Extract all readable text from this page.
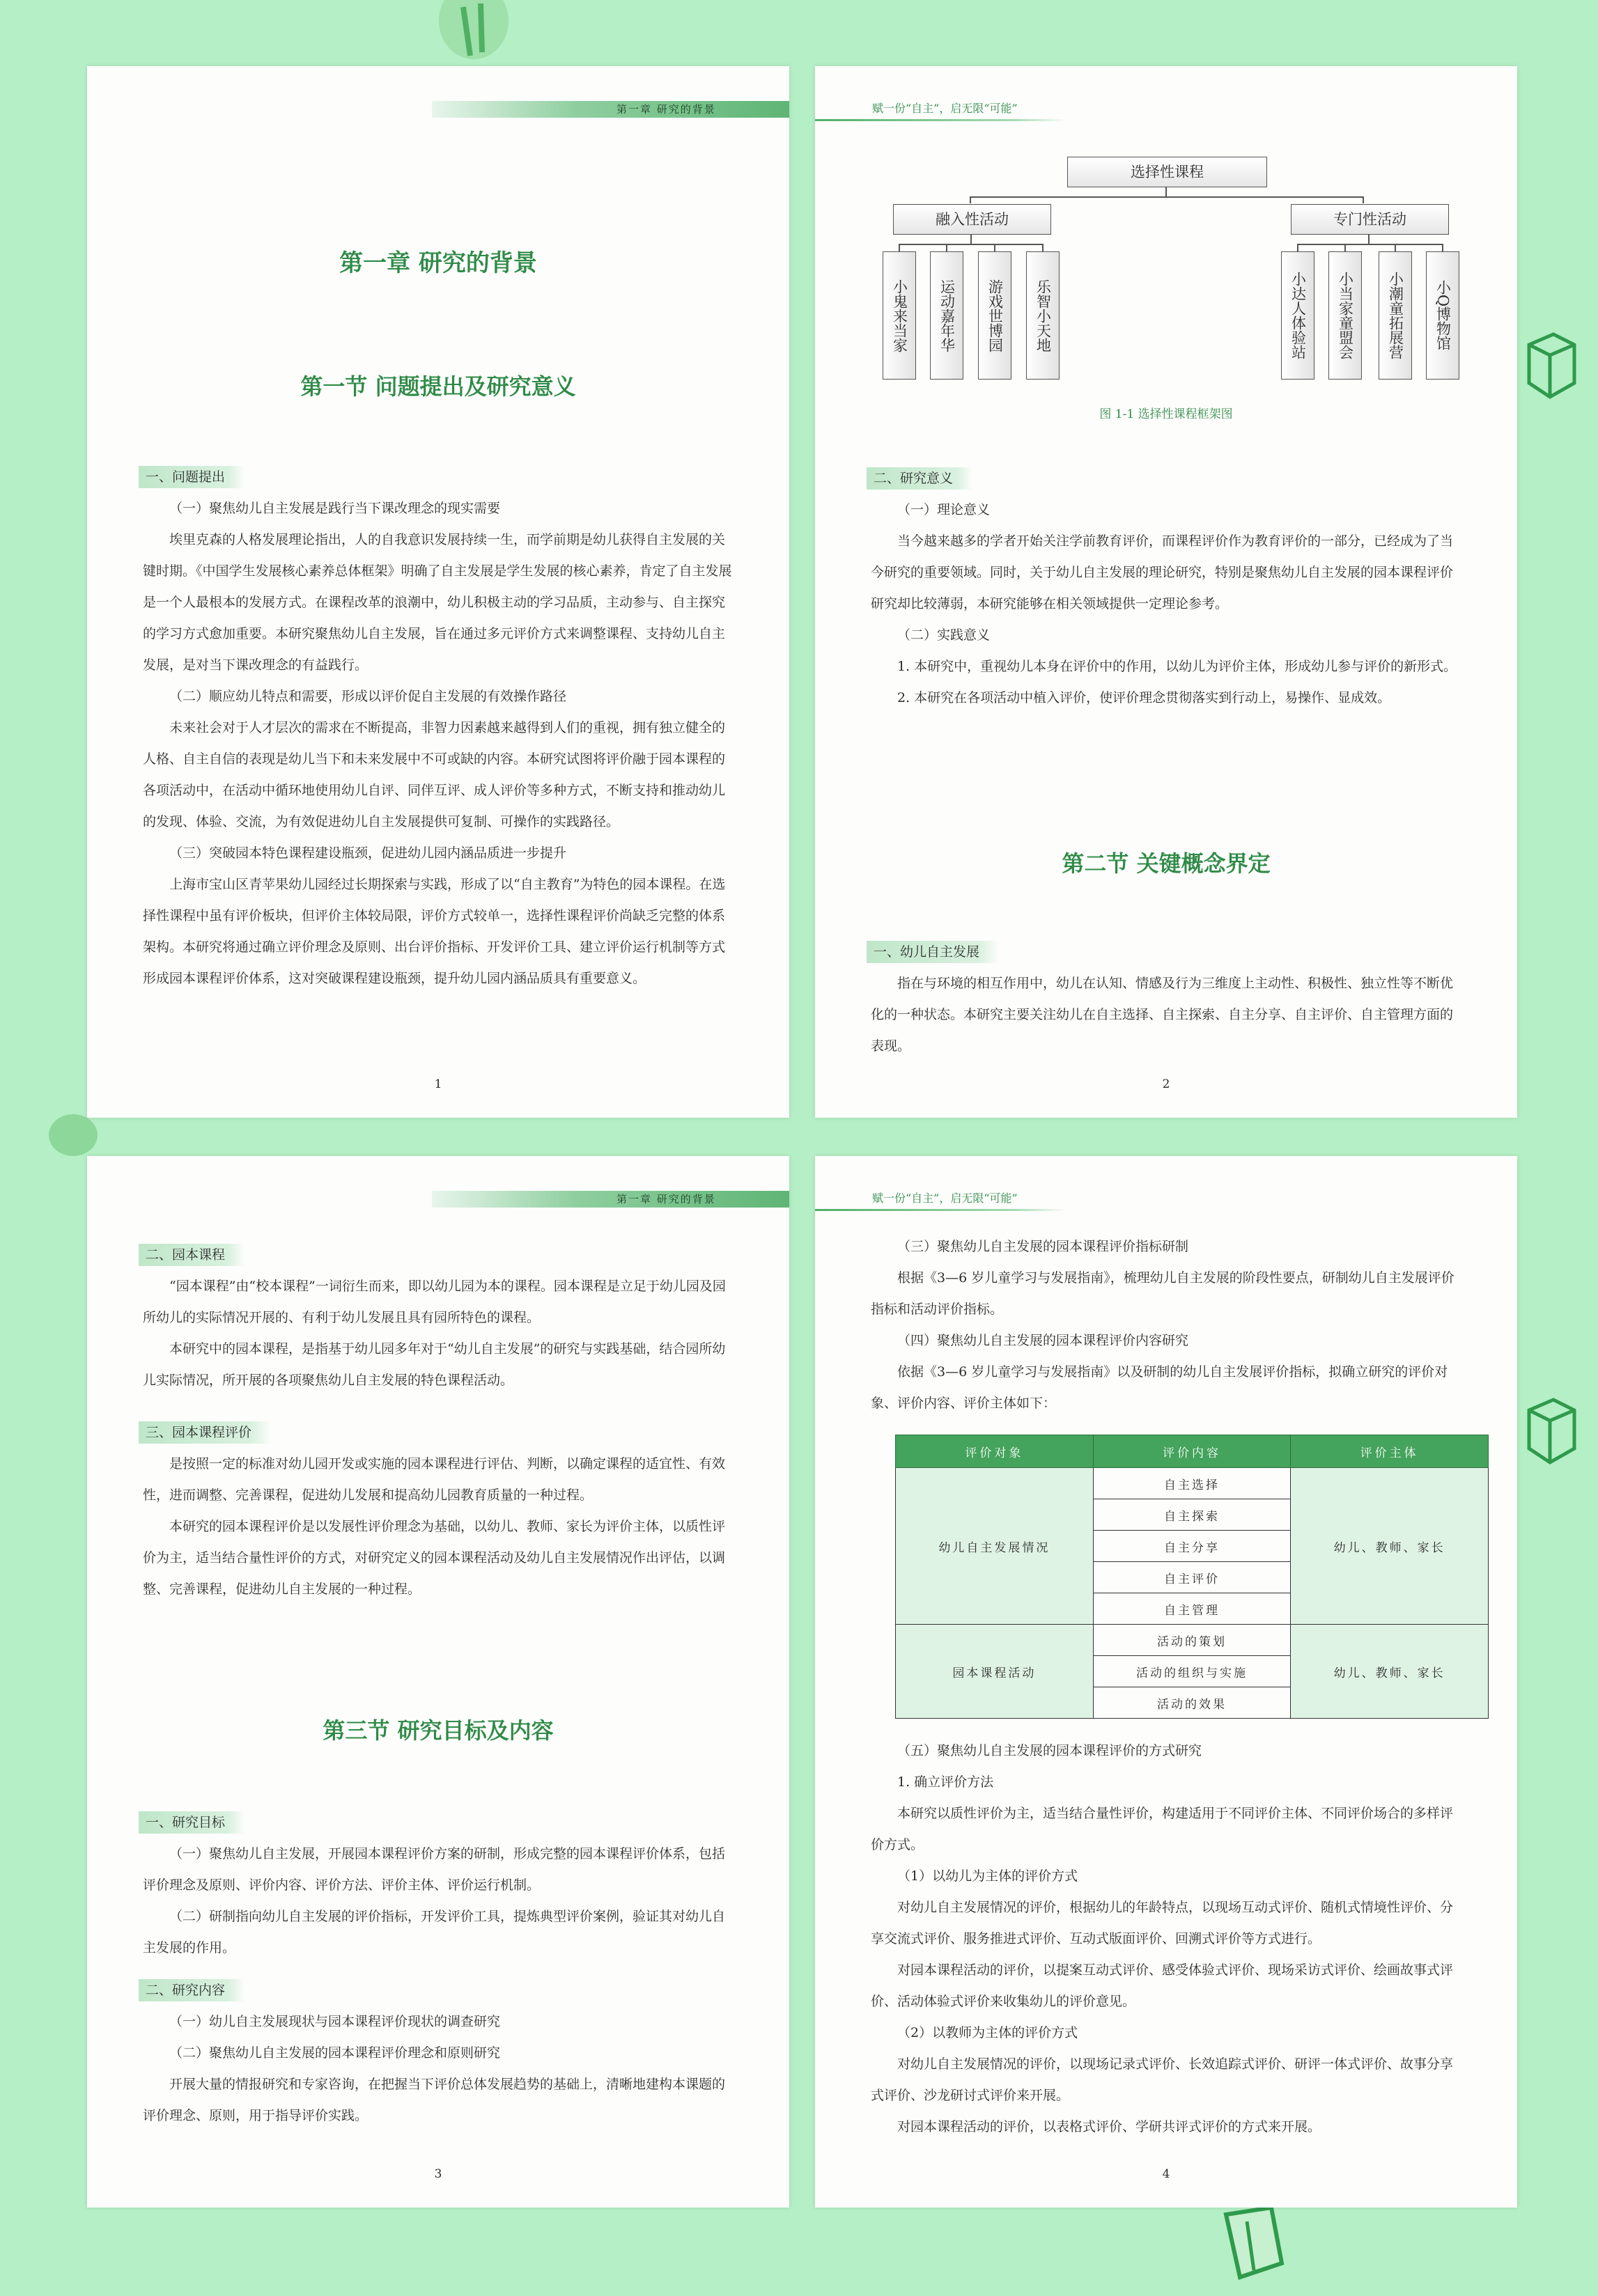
第一章 研究的背景
第一章 研究的背景
第一节 问题提出及研究意义
一、问题提出

（一）聚焦幼儿自主发展是践行当下课改理念的现实需要

埃里克森的人格发展理论指出，人的自我意识发展持续一生，而学前期是幼儿获得自主发展的关键时期。《中国学生发展核心素养总体框架》明确了自主发展是学生发展的核心素养，肯定了自主发展是一个人最根本的发展方式。在课程改革的浪潮中，幼儿积极主动的学习品质，主动参与、自主探究的学习方式愈加重要。本研究聚焦幼儿自主发展，旨在通过多元评价方式来调整课程、支持幼儿自主发展，是对当下课改理念的有益践行。

（二）顺应幼儿特点和需要，形成以评价促自主发展的有效操作路径

未来社会对于人才层次的需求在不断提高，非智力因素越来越得到人们的重视，拥有独立健全的人格、自主自信的表现是幼儿当下和未来发展中不可或缺的内容。本研究试图将评价融于园本课程的各项活动中，在活动中循环地使用幼儿自评、同伴互评、成人评价等多种方式，不断支持和推动幼儿的发现、体验、交流，为有效促进幼儿自主发展提供可复制、可操作的实践路径。

（三）突破园本特色课程建设瓶颈，促进幼儿园内涵品质进一步提升

上海市宝山区青苹果幼儿园经过长期探索与实践，形成了以“自主教育”为特色的园本课程。在选择性课程中虽有评价板块，但评价主体较局限，评价方式较单一，选择性课程评价尚缺乏完整的体系架构。本研究将通过确立评价理念及原则、出台评价指标、开发评价工具、建立评价运行机制等方式形成园本课程评价体系，这对突破课程建设瓶颈，提升幼儿园内涵品质具有重要意义。

1
赋一份“自主”，启无限“可能”
选择性课程
融入性活动	专门性活动
小鬼来当家	运动嘉年华	游戏世博园	乐智小天地	小达人体验站	小当家童盟会	小潮童拓展营	小Q博物馆
图 1-1 选择性课程框架图
二、研究意义

（一）理论意义

当今越来越多的学者开始关注学前教育评价，而课程评价作为教育评价的一部分，已经成为了当今研究的重要领域。同时，关于幼儿自主发展的理论研究，特别是聚焦幼儿自主发展的园本课程评价研究却比较薄弱，本研究能够在相关领域提供一定理论参考。

（二）实践意义

1. 本研究中，重视幼儿本身在评价中的作用，以幼儿为评价主体，形成幼儿参与评价的新形式。

2. 本研究在各项活动中植入评价，使评价理念贯彻落实到行动上，易操作、显成效。

第二节 关键概念界定
一、幼儿自主发展

指在与环境的相互作用中，幼儿在认知、情感及行为三维度上主动性、积极性、独立性等不断优化的一种状态。本研究主要关注幼儿在自主选择、自主探索、自主分享、自主评价、自主管理方面的表现。

2
第一章 研究的背景
二、园本课程

“园本课程”由“校本课程”一词衍生而来，即以幼儿园为本的课程。园本课程是立足于幼儿园及园所幼儿的实际情况开展的、有利于幼儿发展且具有园所特色的课程。

本研究中的园本课程，是指基于幼儿园多年对于“幼儿自主发展”的研究与实践基础，结合园所幼儿实际情况，所开展的各项聚焦幼儿自主发展的特色课程活动。

三、园本课程评价

是按照一定的标准对幼儿园开发或实施的园本课程进行评估、判断，以确定课程的适宜性、有效性，进而调整、完善课程，促进幼儿发展和提高幼儿园教育质量的一种过程。

本研究的园本课程评价是以发展性评价理念为基础，以幼儿、教师、家长为评价主体，以质性评价为主，适当结合量性评价的方式，对研究定义的园本课程活动及幼儿自主发展情况作出评估，以调整、完善课程，促进幼儿自主发展的一种过程。

第三节 研究目标及内容
一、研究目标

（一）聚焦幼儿自主发展，开展园本课程评价方案的研制，形成完整的园本课程评价体系，包括评价理念及原则、评价内容、评价方法、评价主体、评价运行机制。

（二）研制指向幼儿自主发展的评价指标，开发评价工具，提炼典型评价案例，验证其对幼儿自主发展的作用。

二、研究内容

（一）幼儿自主发展现状与园本课程评价现状的调查研究

（二）聚焦幼儿自主发展的园本课程评价理念和原则研究

开展大量的情报研究和专家咨询，在把握当下评价总体发展趋势的基础上，清晰地建构本课题的评价理念、原则，用于指导评价实践。

3
赋一份“自主”，启无限“可能”

（三）聚焦幼儿自主发展的园本课程评价指标研制

根据《3—6 岁儿童学习与发展指南》，梳理幼儿自主发展的阶段性要点，研制幼儿自主发展评价指标和活动评价指标。

（四）聚焦幼儿自主发展的园本课程评价内容研究

依据《3—6 岁儿童学习与发展指南》以及研制的幼儿自主发展评价指标，拟确立研究的评价对象、评价内容、评价主体如下：

评价对象	评价内容	评价主体
幼儿自主发展情况	自主选择	幼儿、教师、家长
	自主探索	
	自主分享	
	自主评价	
	自主管理	
园本课程活动	活动的策划	幼儿、教师、家长
	活动的组织与实施	
	活动的效果	

（五）聚焦幼儿自主发展的园本课程评价的方式研究

1. 确立评价方法

本研究以质性评价为主，适当结合量性评价，构建适用于不同评价主体、不同评价场合的多样评价方式。

（1）以幼儿为主体的评价方式

对幼儿自主发展情况的评价，根据幼儿的年龄特点，以现场互动式评价、随机式情境性评价、分享交流式评价、服务推进式评价、互动式版面评价、回溯式评价等方式进行。

对园本课程活动的评价，以提案互动式评价、感受体验式评价、现场采访式评价、绘画故事式评价、活动体验式评价来收集幼儿的评价意见。

（2）以教师为主体的评价方式

对幼儿自主发展情况的评价，以现场记录式评价、长效追踪式评价、研评一体式评价、故事分享式评价、沙龙研讨式评价来开展。

对园本课程活动的评价，以表格式评价、学研共评式评价的方式来开展。

4
